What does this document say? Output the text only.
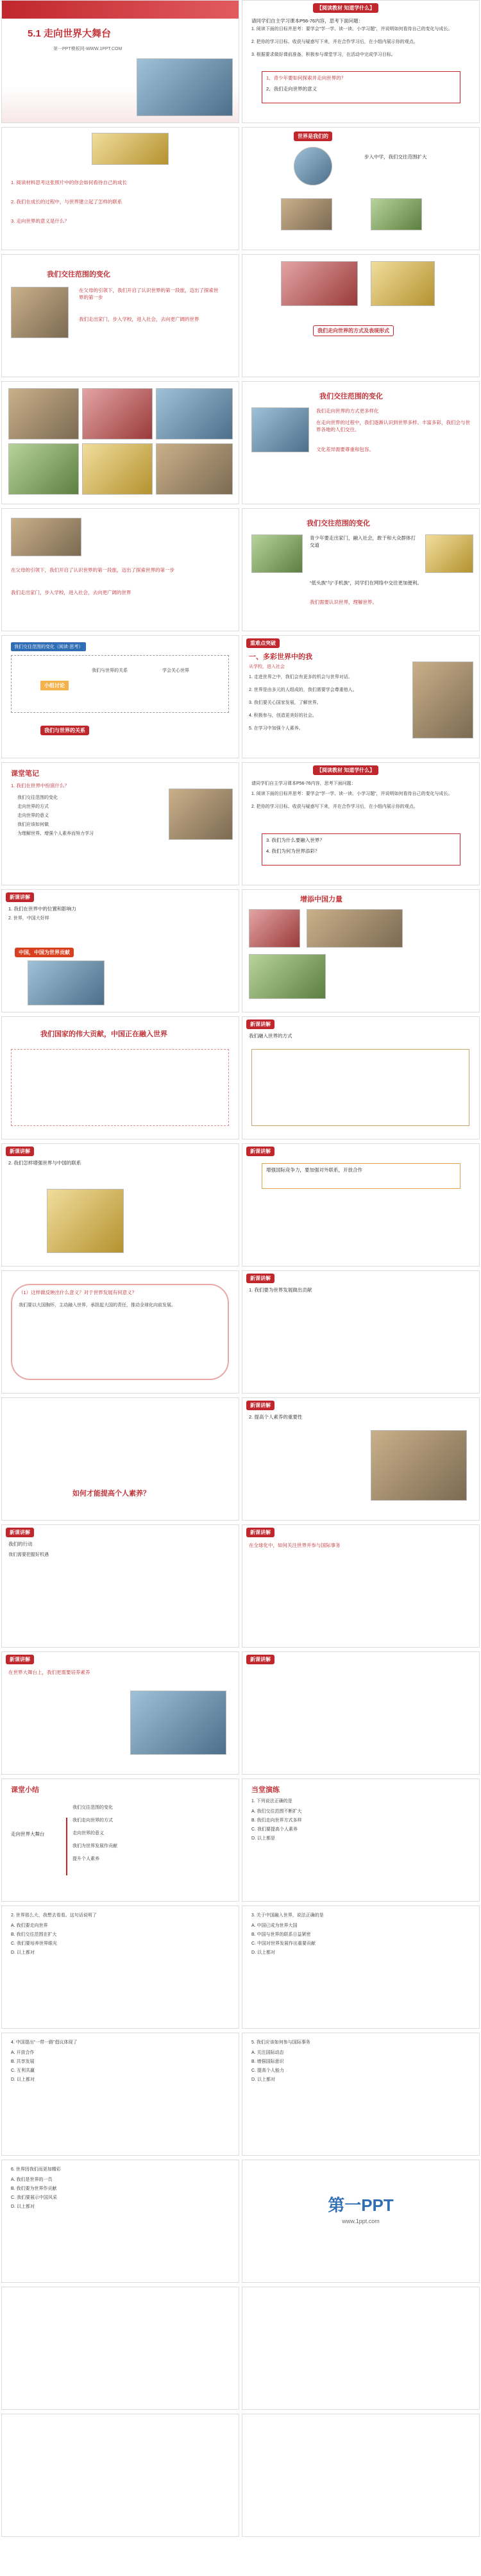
5.1 走向世界大舞台
第一PPT模板网-WWW.1PPT.COM
【阅读教材 知道学什么】
请同学们自主学习课本P56-76内容，思考下面问题：
1. 阅读下面的目标并思考：要学会“学一学、读一读、小学习题”，并说明如何看待自己的变化与成长。
2. 把你的学习目标、收获与疑惑写下来，并在合作学习后，在小组内展示你的观点。
3. 根据要求做好课前准备，积极参与课堂学习，在活动中完成学习目标。
1、青少年要如何探索并走向世界的？
2、我们走向世界的意义
1. 阅读材料思考这张照片中的你会如何看待自己的成长
2. 我们在成长的过程中，与世界建立起了怎样的联系
3. 走向世界的意义是什么？
世界是我们的
步入中学，我们交往范围扩大
我们交往范围的变化
在父母的引领下，我们开启了认识世界的第一段旅，迈出了探索世界的第一步
我们走出家门，步入学校，进入社会，去向更广阔的世界
我们走向世界的方式及表现形式
我们交往范围的变化
我们走向世界的方式更多样化
在走向世界的过程中，我们逐渐认识到世界多样、丰富多彩，我们会与世界各地的人们交往。
文化差异需要尊重和包容。
在父母的引领下，我们开启了认识世界的第一段旅，迈出了探索世界的第一步
我们走出家门，步入学校，进入社会，去向更广阔的世界
我们交往范围的变化
青少年要走出家门，融入社会，敢于和大众群体打交道
“低头族”与“手机族”，同学们在网络中交往更加便利。
我们需要认识世界，理解世界。
我们交往范围的变化（阅读·思考）
小组讨论
我们与世界的关系	学会关心世界
我们与世界的关系
重难点突破
一、多彩世界中的我
从学校，进入社会
1. 走进世界之中，我们会有更多的机会与世界对话。
2. 世界是由多元的人组成的，我们需要学会尊重他人。
3. 我们要关心国家发展，了解世界。
4. 积极参与，创造更美好的社会。
5. 在学习中加强个人素养。
课堂笔记
1. 我们在世界中扮演什么？
我们交往范围的变化
走向世界的方式
走向世界的意义
我们应该如何做
为理解世界、增强个人素养而努力学习
【阅读教材 知道学什么】
请同学们自主学习课本P56-76内容，思考下面问题：
1. 阅读下面的目标并思考：要学会“学一学、读一读、小学习题”，并说明如何看待自己的变化与成长。
2. 把你的学习目标、收获与疑惑写下来，并在合作学习后，在小组内展示你的观点。
3. 我们为什么要融入世界？
4. 我们为何为世界添彩？
新课讲解
1. 我们在世界中的位置和影响力
2. 世界，中国大好样
中国，中国为世界贡献
增添中国力量
我们国家的伟大贡献，中国正在融入世界
新课讲解
我们融入世界的方式
新课讲解
2. 我们怎样增强世界与中国的联系
新课讲解
增强国际竞争力，要加强对外联系，开放合作
（1）这样做反映出什么意义？对于世界发展有何意义？
我们要以大国胸怀，主动融入世界，承担起大国的责任，推动全球化向前发展。
新课讲解
1. 我们要为世界发展做出贡献
如何才能提高个人素养？
新课讲解
2. 提高个人素养的重要性
新课讲解
我们的行动
我们需要把握好机遇
新课讲解
在全球化中，如何关注世界并参与国际事务
新课讲解
在世界大舞台上，我们更需要培养素养
新课讲解
课堂小结
走向世界大舞台
我们交往范围的变化
我们走向世界的方式
走向世界的意义
我们为世界发展作贡献
提升个人素养
当堂演练
1. 下列说法正确的是
A. 我们交往范围不断扩大
B. 我们走向世界方式多样
C. 我们要提高个人素养
D. 以上都是
2. 世界那么大，我想去看看。这句话说明了
A. 我们要走向世界
B. 我们交往范围在扩大
C. 我们要培养世界眼光
D. 以上都对
3. 关于中国融入世界，说法正确的是
A. 中国已成为世界大国
B. 中国与世界的联系日益紧密
C. 中国对世界发展作出重要贡献
D. 以上都对
4. 中国提出“一带一路”倡议体现了
A. 开放合作
B. 共享发展
C. 互利共赢
D. 以上都对
5. 我们应该如何参与国际事务
A. 关注国际动态
B. 增强国际意识
C. 提高个人能力
D. 以上都对
6. 世界因我们而更加精彩
A. 我们是世界的一员
B. 我们要为世界作贡献
C. 我们要展示中国风采
D. 以上都对	第一PPT
www.1ppt.com
